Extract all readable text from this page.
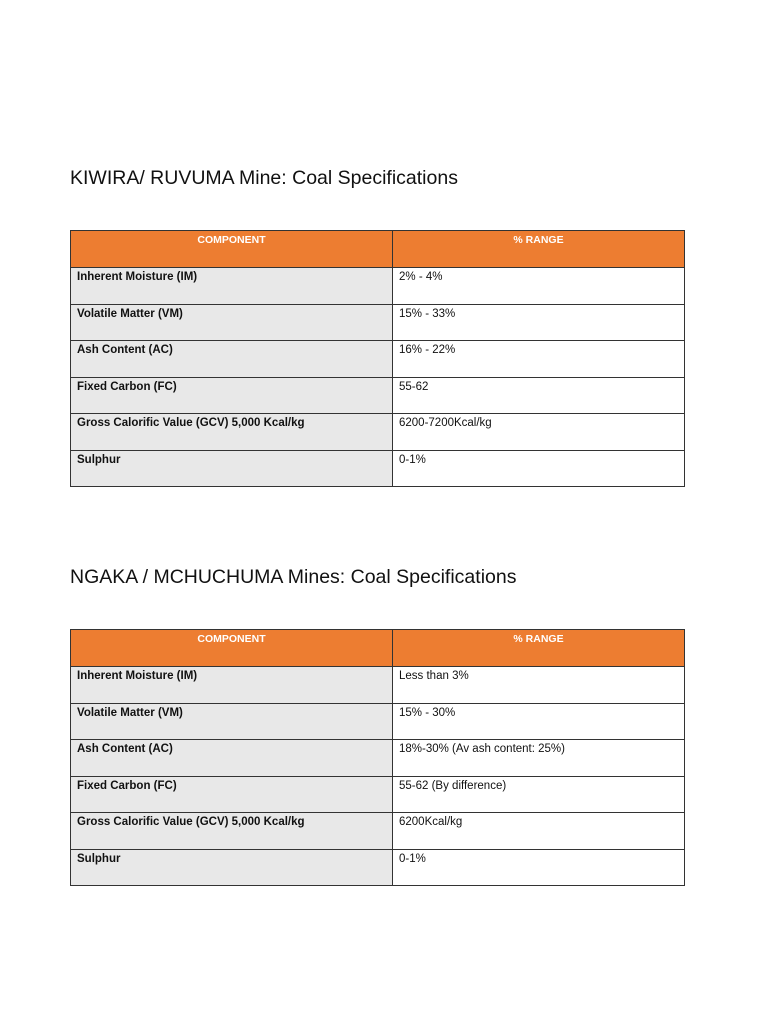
KIWIRA/ RUVUMA Mine: Coal Specifications
COMPONENT	% RANGE
Inherent Moisture (IM)	2% - 4%
Volatile Matter (VM)	15% - 33%
Ash Content (AC)	16% - 22%
Fixed Carbon (FC)	55-62
Gross Calorific Value (GCV) 5,000 Kcal/kg	6200-7200Kcal/kg
Sulphur	0-1%
NGAKA / MCHUCHUMA Mines: Coal Specifications
COMPONENT	% RANGE
Inherent Moisture (IM)	Less than 3%
Volatile Matter (VM)	15% - 30%
Ash Content (AC)	18%-30% (Av ash content: 25%)
Fixed Carbon (FC)	55-62 (By difference)
Gross Calorific Value (GCV) 5,000 Kcal/kg	6200Kcal/kg
Sulphur	0-1%
